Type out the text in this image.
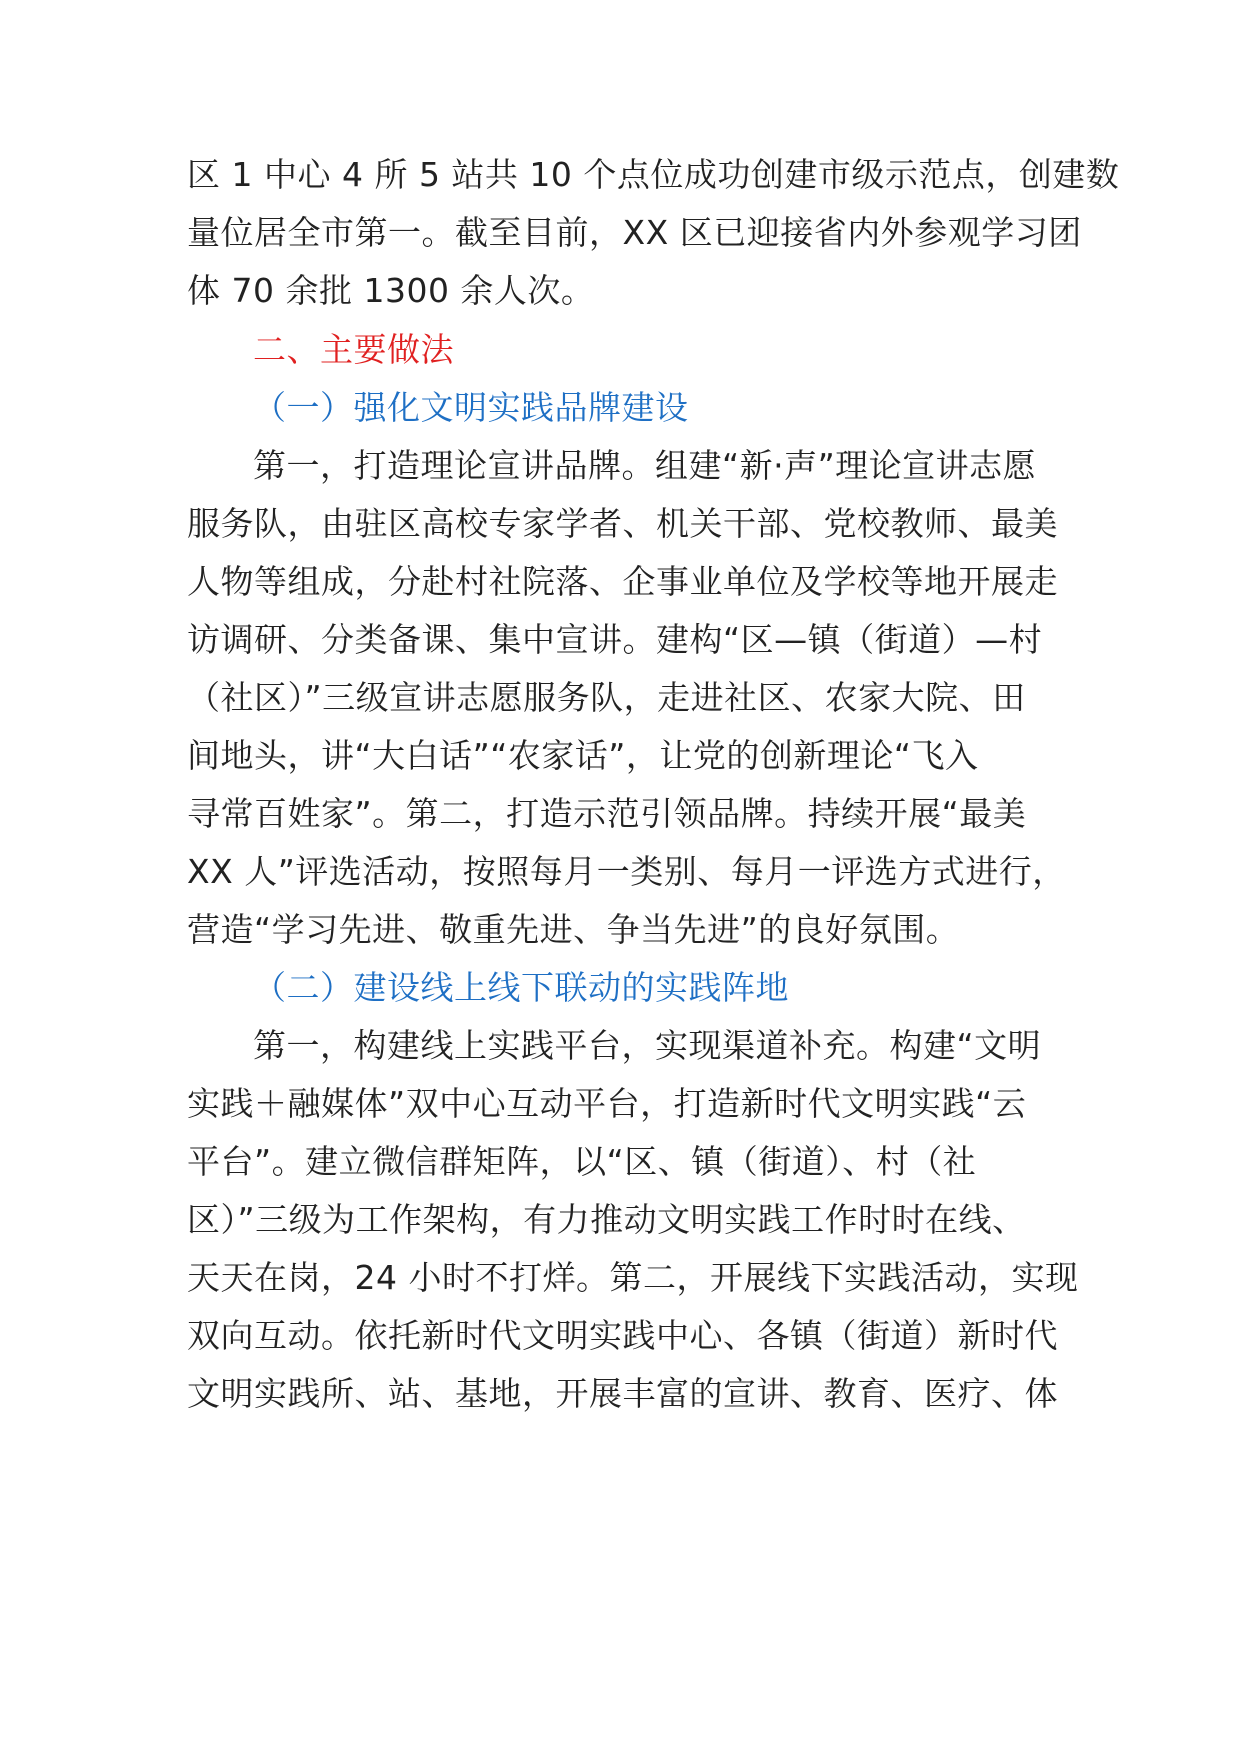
区 1 中心 4 所 5 站共 10 个点位成功创建市级示范点，创建数
量位居全市第一。截至目前，XX 区已迎接省内外参观学习团
体 70 余批 1300 余人次。
二、主要做法
（一）强化文明实践品牌建设
第一，打造理论宣讲品牌。组建“新·声”理论宣讲志愿
服务队，由驻区高校专家学者、机关干部、党校教师、最美
人物等组成，分赴村社院落、企事业单位及学校等地开展走
访调研、分类备课、集中宣讲。建构“区—镇（街道）—村
（社区）”三级宣讲志愿服务队，走进社区、农家大院、田
间地头，讲“大白话”“农家话”，让党的创新理论“飞入
寻常百姓家”。第二，打造示范引领品牌。持续开展“最美
XX 人”评选活动，按照每月一类别、每月一评选方式进行，
营造“学习先进、敬重先进、争当先进”的良好氛围。
（二）建设线上线下联动的实践阵地
第一，构建线上实践平台，实现渠道补充。构建“文明
实践＋融媒体”双中心互动平台，打造新时代文明实践“云
平台”。建立微信群矩阵，以“区、镇（街道）、村（社
区）”三级为工作架构，有力推动文明实践工作时时在线、
天天在岗，24 小时不打烊。第二，开展线下实践活动，实现
双向互动。依托新时代文明实践中心、各镇（街道）新时代
文明实践所、站、基地，开展丰富的宣讲、教育、医疗、体
